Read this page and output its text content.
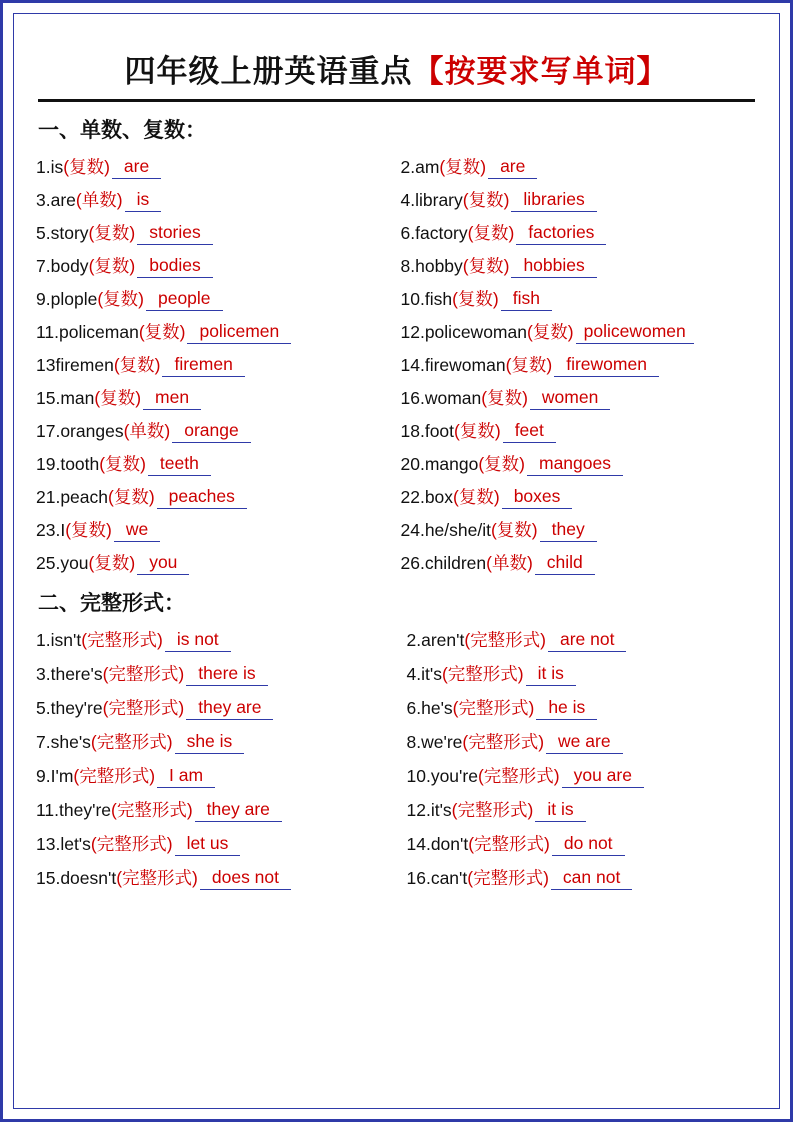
四年级上册英语重点【按要求写单词】
一、单数、复数：
1. is (复数) are	2. am (复数) are
3. are (单数) is	4. library (复数) libraries
5. story (复数) stories	6. factory (复数) factories
7. body (复数) bodies	8. hobby (复数) hobbies
9. plople (复数) people	10. fish (复数) fish
11. policeman (复数) policemen	12. policewoman (复数) policewomen
13 firemen (复数) firemen	14. firewoman (复数) firewomen
15. man (复数) men	16. woman (复数) women
17. oranges (单数) orange	18. foot (复数) feet
19. tooth (复数) teeth	20. mango (复数) mangoes
21. peach (复数) peaches	22. box (复数) boxes
23. I (复数) we	24. he/she/it (复数) they
25. you (复数) you	26. children (单数) child
二、完整形式：
1. isn't (完整形式) is not	2. aren't (完整形式) are not
3. there's (完整形式) there is	4. it's (完整形式) it is
5. they're (完整形式) they are	6. he's (完整形式) he is
7. she's (完整形式) she is	8. we're (完整形式) we are
9. I'm (完整形式) I am	10. you're (完整形式) you are
11. they're (完整形式) they are	12. it's (完整形式) it is
13. let's (完整形式) let us	14. don't (完整形式) do not
15. doesn't (完整形式) does not	16. can't (完整形式) can not
